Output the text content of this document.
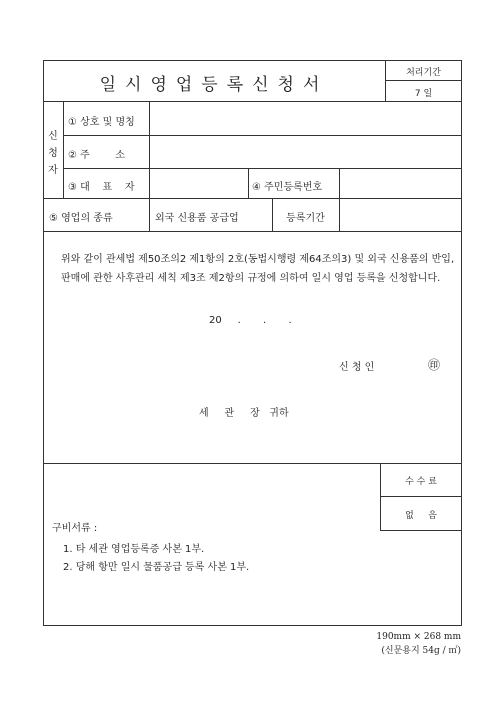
일시영업등록신청서
처리기간
7 일
신
청
자
① 상호 및 명칭
② 주        소
③ 대    표    자	④ 주민등록번호
⑤ 영업의 종류	외국 신용품 공급업	등록기간
위와 같이 관세법 제50조의2 제1항의 2호(동법시행령 제64조의3) 및 외국 신용품의 반입,
판매에 관한 사후관리 세칙 제3조 제2항의 규정에 의하여 일시 영업 등록을 신청합니다.
20     .       .       .
신 청 인	㊞
세     관     장   귀하
수 수 료
없     음
구비서류 :
1. 타 세관 영업등록증 사본 1부.
2. 당해 항만 일시 물품공급 등록 사본 1부.
190mm × 268 mm
(신문용지 54g / ㎡)
